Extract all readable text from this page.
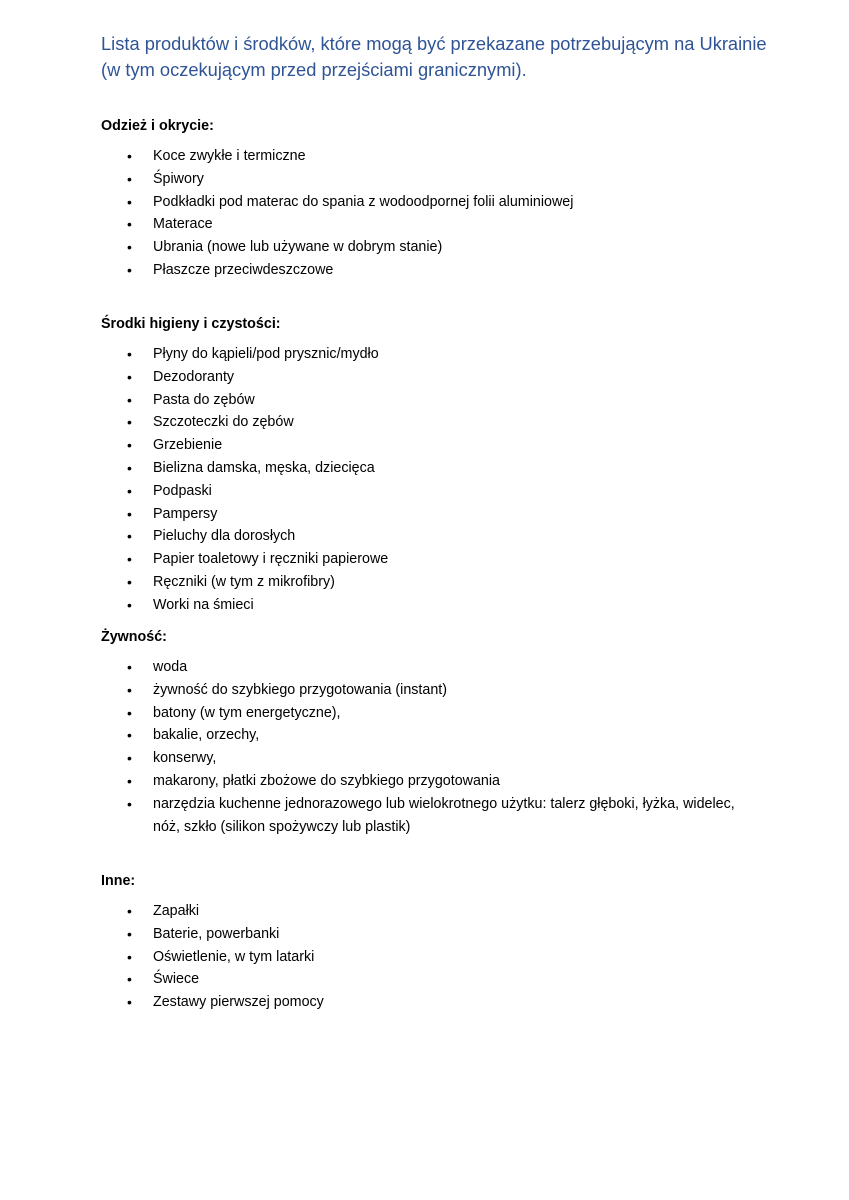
Lista produktów i środków, które mogą być przekazane potrzebującym na Ukrainie (w tym oczekującym przed przejściami granicznymi).
Odzież i okrycie:
•	Koce zwykłe i termiczne
•	Śpiwory
•	Podkładki pod materac do spania z wodoodpornej folii aluminiowej
•	Materace
•	Ubrania (nowe lub używane w dobrym stanie)
•	Płaszcze przeciwdeszczowe
Środki higieny i czystości:
•	Płyny do kąpieli/pod prysznic/mydło
•	Dezodoranty
•	Pasta do zębów
•	Szczoteczki do zębów
•	Grzebienie
•	Bielizna damska, męska, dziecięca
•	Podpaski
•	Pampersy
•	Pieluchy dla dorosłych
•	Papier toaletowy i ręczniki papierowe
•	Ręczniki (w tym z mikrofibry)
•	Worki na śmieci
Żywność:
•	woda
•	żywność do szybkiego przygotowania (instant)
•	batony (w tym energetyczne),
•	bakalie, orzechy,
•	konserwy,
•	makarony, płatki zbożowe do szybkiego przygotowania
•	narzędzia kuchenne jednorazowego lub wielokrotnego użytku: talerz głęboki, łyżka, widelec, nóż, szkło (silikon spożywczy lub plastik)
Inne:
•	Zapałki
•	Baterie, powerbanki
•	Oświetlenie, w tym latarki
•	Świece
•	Zestawy pierwszej pomocy
